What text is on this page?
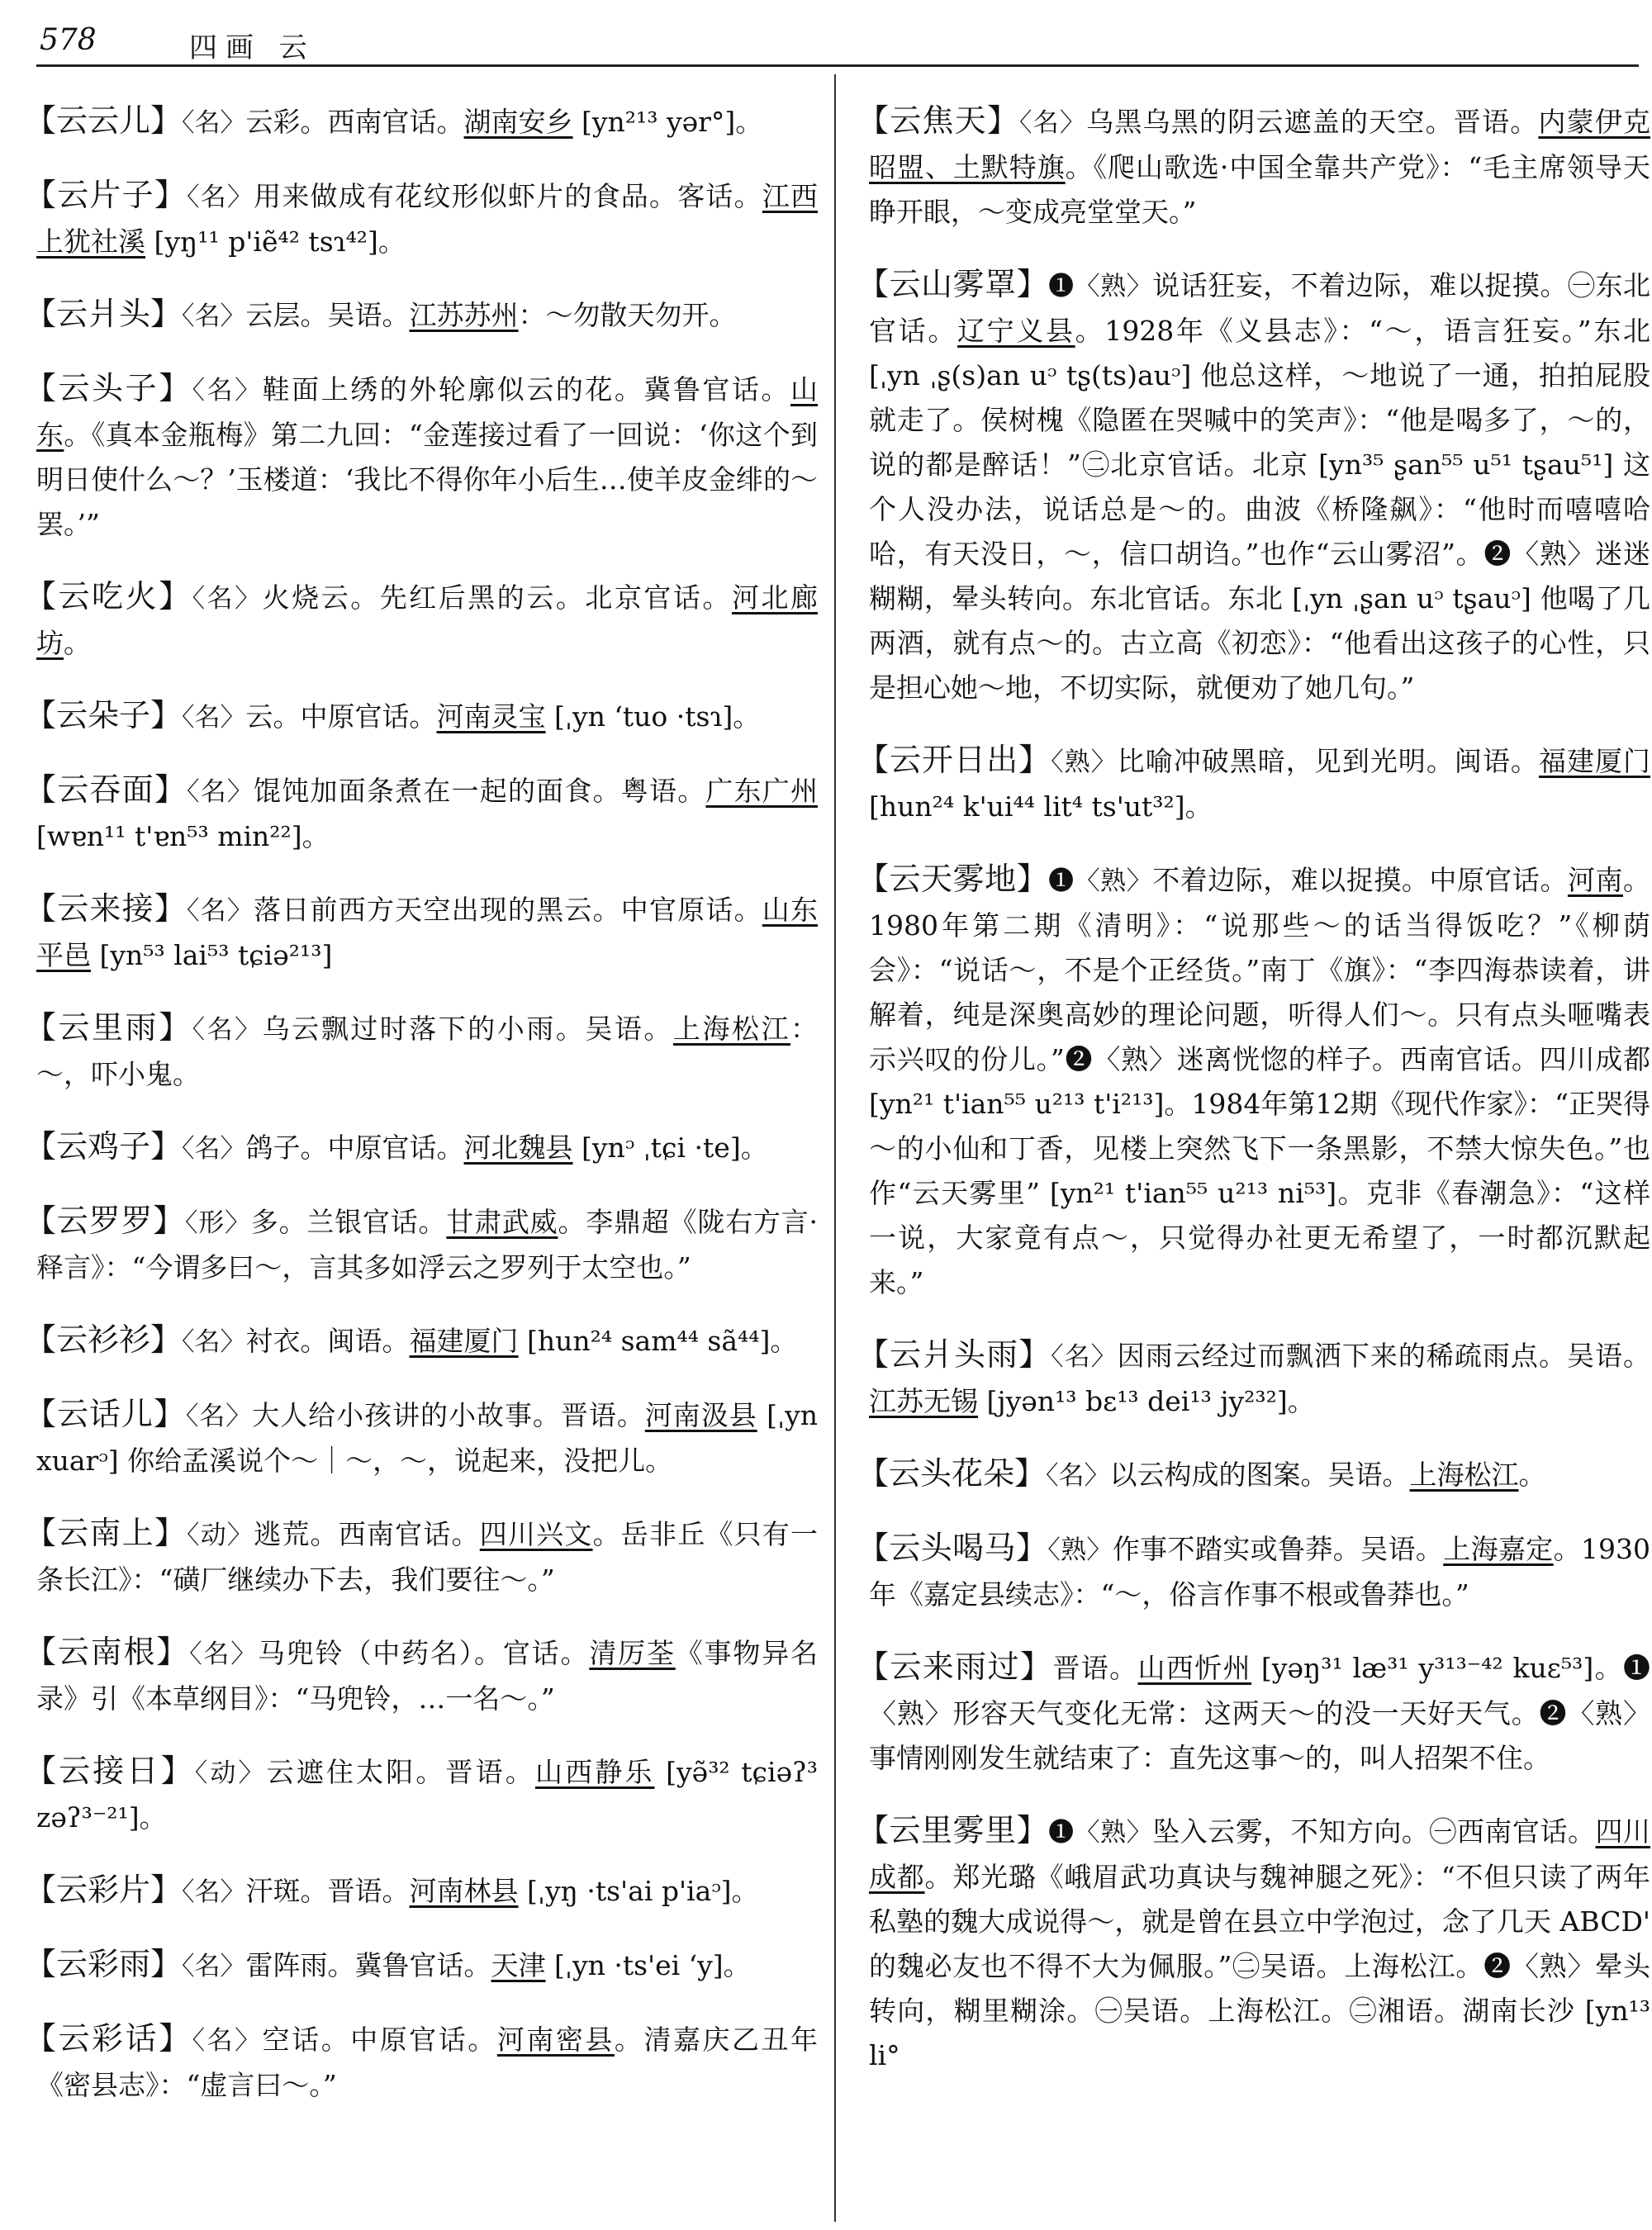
578	四画 云

【云云儿】〈名〉云彩。西南官话。湖南安乡 [yn²¹³ yər°]。

【云片子】〈名〉用来做成有花纹形似虾片的食品。客话。江西上犹社溪 [yŋ¹¹ p'iẽ⁴² tsɿ⁴²]。

【云爿头】〈名〉云层。吴语。江苏苏州：～勿散天勿开。

【云头子】〈名〉鞋面上绣的外轮廓似云的花。冀鲁官话。山东。《真本金瓶梅》第二九回：“金莲接过看了一回说：‘你这个到明日使什么～？’玉楼道：‘我比不得你年小后生…使羊皮金绯的～罢。’”

【云吃火】〈名〉火烧云。先红后黑的云。北京官话。河北廊坊。

【云朵子】〈名〉云。中原官话。河南灵宝 [ˌyn ʻtuo ·tsɿ]。

【云吞面】〈名〉馄饨加面条煮在一起的面食。粤语。广东广州 [wɐn¹¹ t'ɐn⁵³ min²²]。

【云来接】〈名〉落日前西方天空出现的黑云。中官原话。山东平邑 [yn⁵³ lai⁵³ tɕiə²¹³]

【云里雨】〈名〉乌云飘过时落下的小雨。吴语。上海松江：～，吓小鬼。

【云鸡子】〈名〉鸽子。中原官话。河北魏县 [ynᵓ ˌtɕi ·te]。

【云罗罗】〈形〉多。兰银官话。甘肃武威。李鼎超《陇右方言·释言》：“今谓多曰～，言其多如浮云之罗列于太空也。”

【云衫衫】〈名〉衬衣。闽语。福建厦门 [hun²⁴ sam⁴⁴ sã⁴⁴]。

【云话儿】〈名〉大人给小孩讲的小故事。晋语。河南汲县 [ˌyn xuarᵓ] 你给孟溪说个～｜～，～，说起来，没把儿。

【云南上】〈动〉逃荒。西南官话。四川兴文。岳非丘《只有一条长江》：“磺厂继续办下去，我们要往～。”

【云南根】〈名〉马兜铃（中药名）。官话。清厉荃《事物异名录》引《本草纲目》：“马兜铃，…一名～。”

【云接日】〈动〉云遮住太阳。晋语。山西静乐 [yə̃³² tɕiəʔ³ zəʔ³⁻²¹]。

【云彩片】〈名〉汗斑。晋语。河南林县 [ˌyŋ ·ts'ai p'iaᵓ]。

【云彩雨】〈名〉雷阵雨。冀鲁官话。天津 [ˌyn ·ts'ei ʻy]。

【云彩话】〈名〉空话。中原官话。河南密县。清嘉庆乙丑年《密县志》：“虚言曰～。”

【云焦天】〈名〉乌黑乌黑的阴云遮盖的天空。晋语。内蒙伊克昭盟、土默特旗。《爬山歌选·中国全靠共产党》：“毛主席领导天睁开眼，～变成亮堂堂天。”

【云山雾罩】❶〈熟〉说话狂妄，不着边际，难以捉摸。㊀东北官话。辽宁义县。1928年《义县志》：“～，语言狂妄。”东北 [ˌyn ˌʂ(s)an uᵓ tʂ(ts)auᵓ] 他总这样，～地说了一通，拍拍屁股就走了。侯树槐《隐匿在哭喊中的笑声》：“他是喝多了，～的，说的都是醉话！”㊁北京官话。北京 [yn³⁵ ʂan⁵⁵ u⁵¹ tʂau⁵¹] 这个人没办法，说话总是～的。曲波《桥隆飙》：“他时而嘻嘻哈哈，有天没日，～，信口胡诌。”也作“云山雾沼”。❷〈熟〉迷迷糊糊，晕头转向。东北官话。东北 [ˌyn ˌʂan uᵓ tʂauᵓ] 他喝了几两酒，就有点～的。古立高《初恋》：“他看出这孩子的心性，只是担心她～地，不切实际，就便劝了她几句。”

【云开日出】〈熟〉比喻冲破黑暗，见到光明。闽语。福建厦门 [hun²⁴ k'ui⁴⁴ lit⁴ ts'ut³²]。

【云天雾地】❶〈熟〉不着边际，难以捉摸。中原官话。河南。1980年第二期《清明》：“说那些～的话当得饭吃？”《柳荫会》：“说话～，不是个正经货。”南丁《旗》：“李四海恭读着，讲解着，纯是深奥高妙的理论问题，听得人们～。只有点头咂嘴表示兴叹的份儿。”❷〈熟〉迷离恍惚的样子。西南官话。四川成都 [yn²¹ t'ian⁵⁵ u²¹³ t'i²¹³]。1984年第12期《现代作家》：“正哭得～的小仙和丁香，见楼上突然飞下一条黑影，不禁大惊失色。”也作“云天雾里” [yn²¹ t'ian⁵⁵ u²¹³ ni⁵³]。克非《春潮急》：“这样一说，大家竟有点～，只觉得办社更无希望了，一时都沉默起来。”

【云爿头雨】〈名〉因雨云经过而飘洒下来的稀疏雨点。吴语。江苏无锡 [jyən¹³ bɛ¹³ dei¹³ jy²³²]。

【云头花朵】〈名〉以云构成的图案。吴语。上海松江。

【云头喝马】〈熟〉作事不踏实或鲁莽。吴语。上海嘉定。1930年《嘉定县续志》：“～，俗言作事不根或鲁莽也。”

【云来雨过】晋语。山西忻州 [yəŋ³¹ læ³¹ y³¹³⁻⁴² kuɛ⁵³]。❶〈熟〉形容天气变化无常：这两天～的没一天好天气。❷〈熟〉事情刚刚发生就结束了：直先这事～的，叫人招架不住。

【云里雾里】❶〈熟〉坠入云雾，不知方向。㊀西南官话。四川成都。郑光璐《峨眉武功真诀与魏神腿之死》：“不但只读了两年私塾的魏大成说得～，就是曾在县立中学泡过，念了几天 ABCD' 的魏必友也不得不大为佩服。”㊁吴语。上海松江。❷〈熟〉晕头转向，糊里糊涂。㊀吴语。上海松江。㊁湘语。湖南长沙 [yn¹³ li°
